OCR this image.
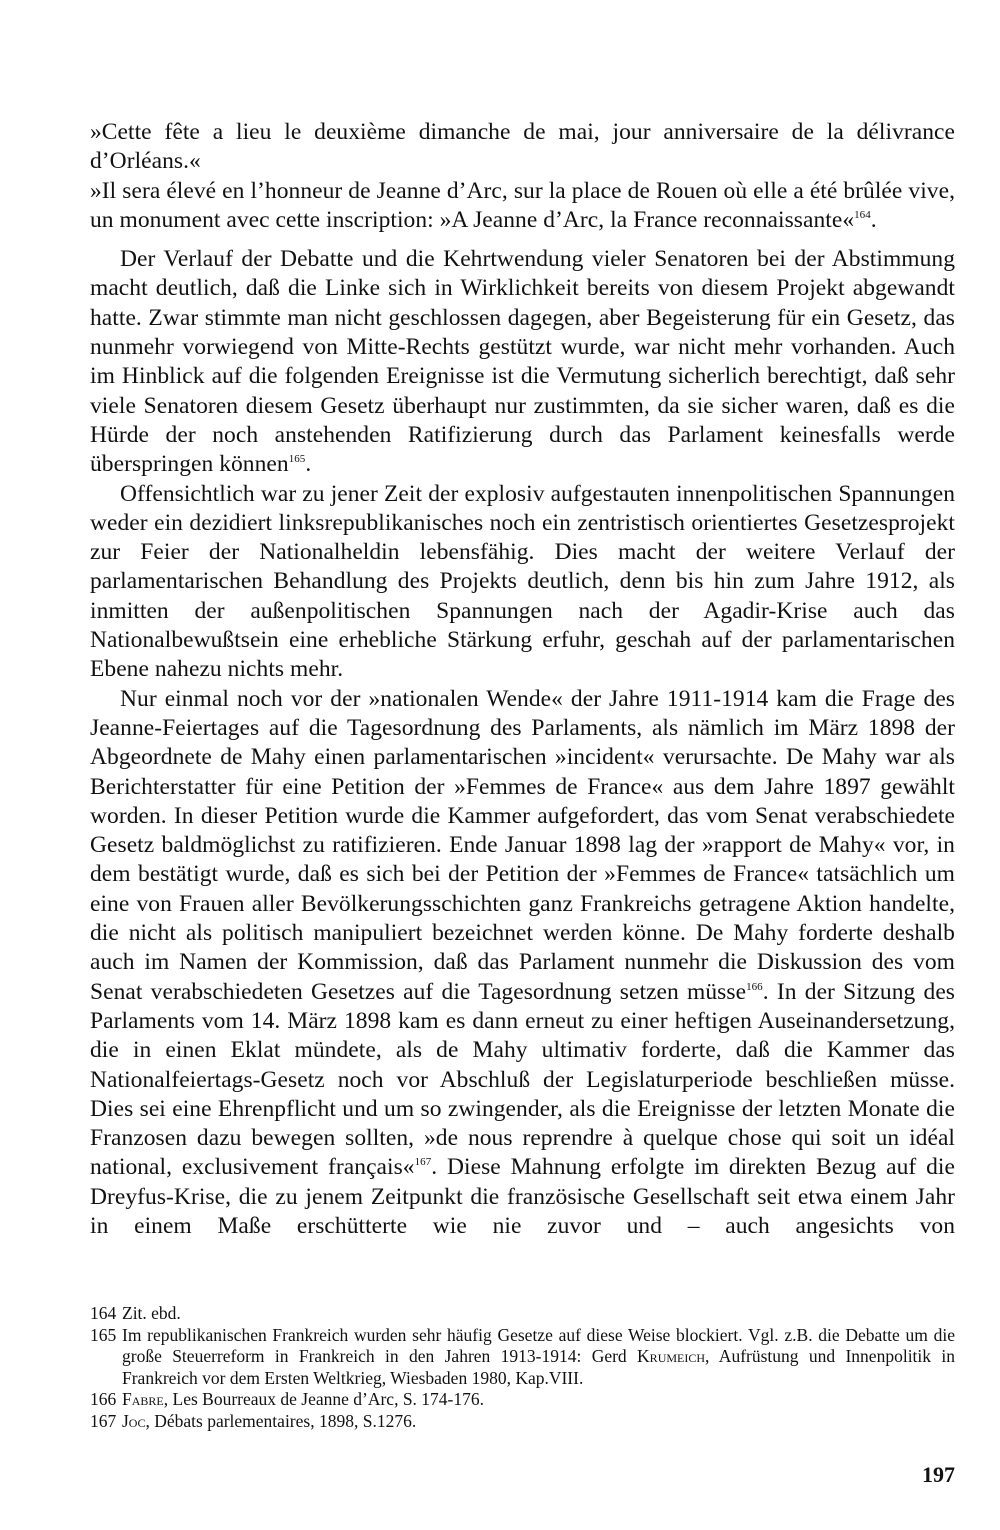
»Cette fête a lieu le deuxième dimanche de mai, jour anniversaire de la délivrance d’Orléans.«

»Il sera élevé en l’honneur de Jeanne d’Arc, sur la place de Rouen où elle a été brûlée vive, un monument avec cette inscription: »A Jeanne d’Arc, la France reconnaissante«$^{164}$.

Der Verlauf der Debatte und die Kehrtwendung vieler Senatoren bei der Abstimmung macht deutlich, daß die Linke sich in Wirklichkeit bereits von diesem Projekt abgewandt hatte. Zwar stimmte man nicht geschlossen dagegen, aber Begeisterung für ein Gesetz, das nunmehr vorwiegend von Mitte-Rechts gestützt wurde, war nicht mehr vorhanden. Auch im Hinblick auf die folgenden Ereignisse ist die Vermutung sicherlich berechtigt, daß sehr viele Senatoren diesem Gesetz überhaupt nur zustimmten, da sie sicher waren, daß es die Hürde der noch anstehenden Ratifizierung durch das Parlament keinesfalls werde überspringen können$^{165}$.

Offensichtlich war zu jener Zeit der explosiv aufgestauten innenpolitischen Spannungen weder ein dezidiert linksrepublikanisches noch ein zentristisch orientiertes Gesetzesprojekt zur Feier der Nationalheldin lebensfähig. Dies macht der weitere Verlauf der parlamentarischen Behandlung des Projekts deutlich, denn bis hin zum Jahre 1912, als inmitten der außenpolitischen Spannungen nach der Agadir-Krise auch das Nationalbewußtsein eine erhebliche Stärkung erfuhr, geschah auf der parlamentarischen Ebene nahezu nichts mehr.

Nur einmal noch vor der »nationalen Wende« der Jahre 1911-1914 kam die Frage des Jeanne-Feiertages auf die Tagesordnung des Parlaments, als nämlich im März 1898 der Abgeordnete de Mahy einen parlamentarischen »incident« verursachte. De Mahy war als Berichterstatter für eine Petition der »Femmes de France« aus dem Jahre 1897 gewählt worden. In dieser Petition wurde die Kammer aufgefordert, das vom Senat verabschiedete Gesetz baldmöglichst zu ratifizieren. Ende Januar 1898 lag der »rapport de Mahy« vor, in dem bestätigt wurde, daß es sich bei der Petition der »Femmes de France« tatsächlich um eine von Frauen aller Bevölkerungsschichten ganz Frankreichs getragene Aktion handelte, die nicht als politisch manipuliert bezeichnet werden könne. De Mahy forderte deshalb auch im Namen der Kommission, daß das Parlament nunmehr die Diskussion des vom Senat verabschiedeten Gesetzes auf die Tagesordnung setzen müsse$^{166}$. In der Sitzung des Parlaments vom 14. März 1898 kam es dann erneut zu einer heftigen Auseinandersetzung, die in einen Eklat mündete, als de Mahy ultimativ forderte, daß die Kammer das Nationalfeiertags-Gesetz noch vor Abschluß der Legislaturperiode beschließen müsse. Dies sei eine Ehrenpflicht und um so zwingender, als die Ereignisse der letzten Monate die Franzosen dazu bewegen sollten, »de nous reprendre à quelque chose qui soit un idéal national, exclusivement français«$^{167}$. Diese Mahnung erfolgte im direkten Bezug auf die Dreyfus-Krise, die zu jenem Zeitpunkt die französische Gesellschaft seit etwa einem Jahr in einem Maße erschütterte wie nie zuvor und – auch angesichts von

164 Zit. ebd.
165 Im republikanischen Frankreich wurden sehr häufig Gesetze auf diese Weise blockiert. Vgl. z.B. die Debatte um die große Steuerreform in Frankreich in den Jahren 1913-1914: Gerd Krumeich, Aufrüstung und Innenpolitik in Frankreich vor dem Ersten Weltkrieg, Wiesbaden 1980, Kap.VIII.
166 Fabre, Les Bourreaux de Jeanne d’Arc, S. 174-176.
167 Joc, Débats parlementaires, 1898, S.1276.
197
